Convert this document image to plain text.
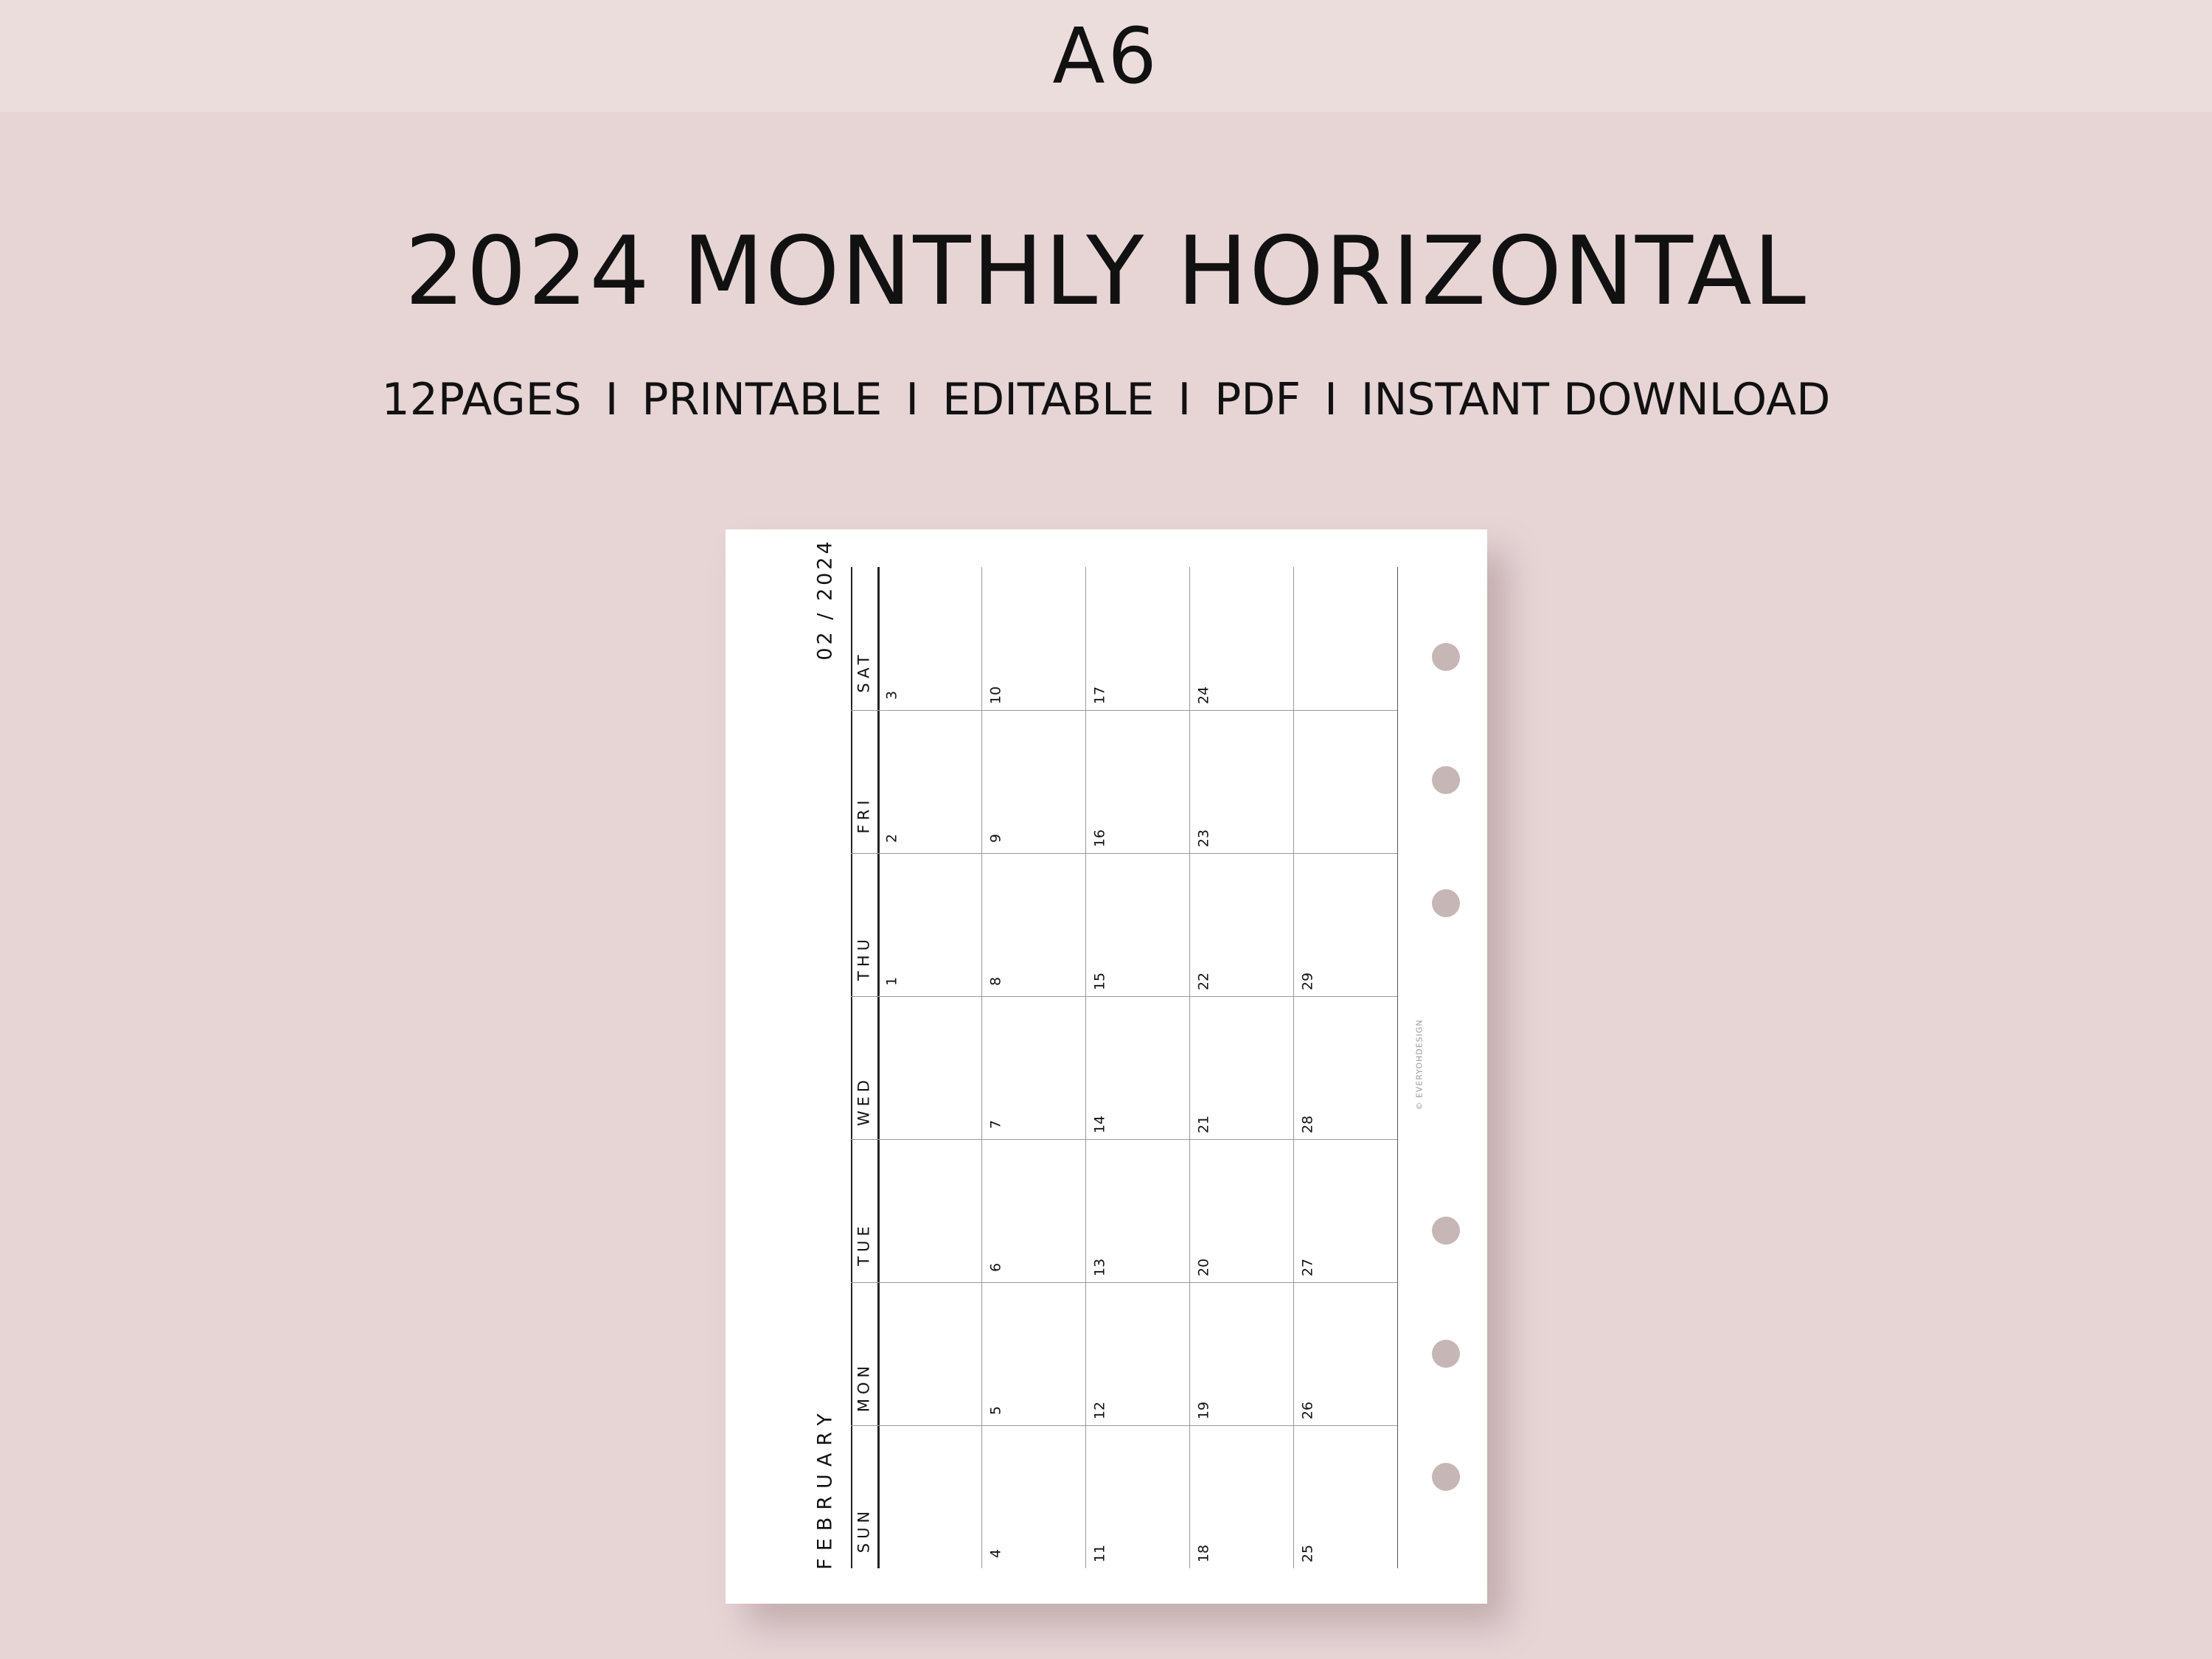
A6
2024 MONTHLY HORIZONTAL
12PAGES I PRINTABLE I EDITABLE I PDF I INSTANT DOWNLOAD
FEBRUARY
02 / 2024
© EVERYOHDESIGN
SUN
MON
TUE
WED
THU
FRI
SAT
1
2
3
4
5
6
7
8
9
10
11
12
13
14
15
16
17
18
19
20
21
22
23
24
25
26
27
28
29
